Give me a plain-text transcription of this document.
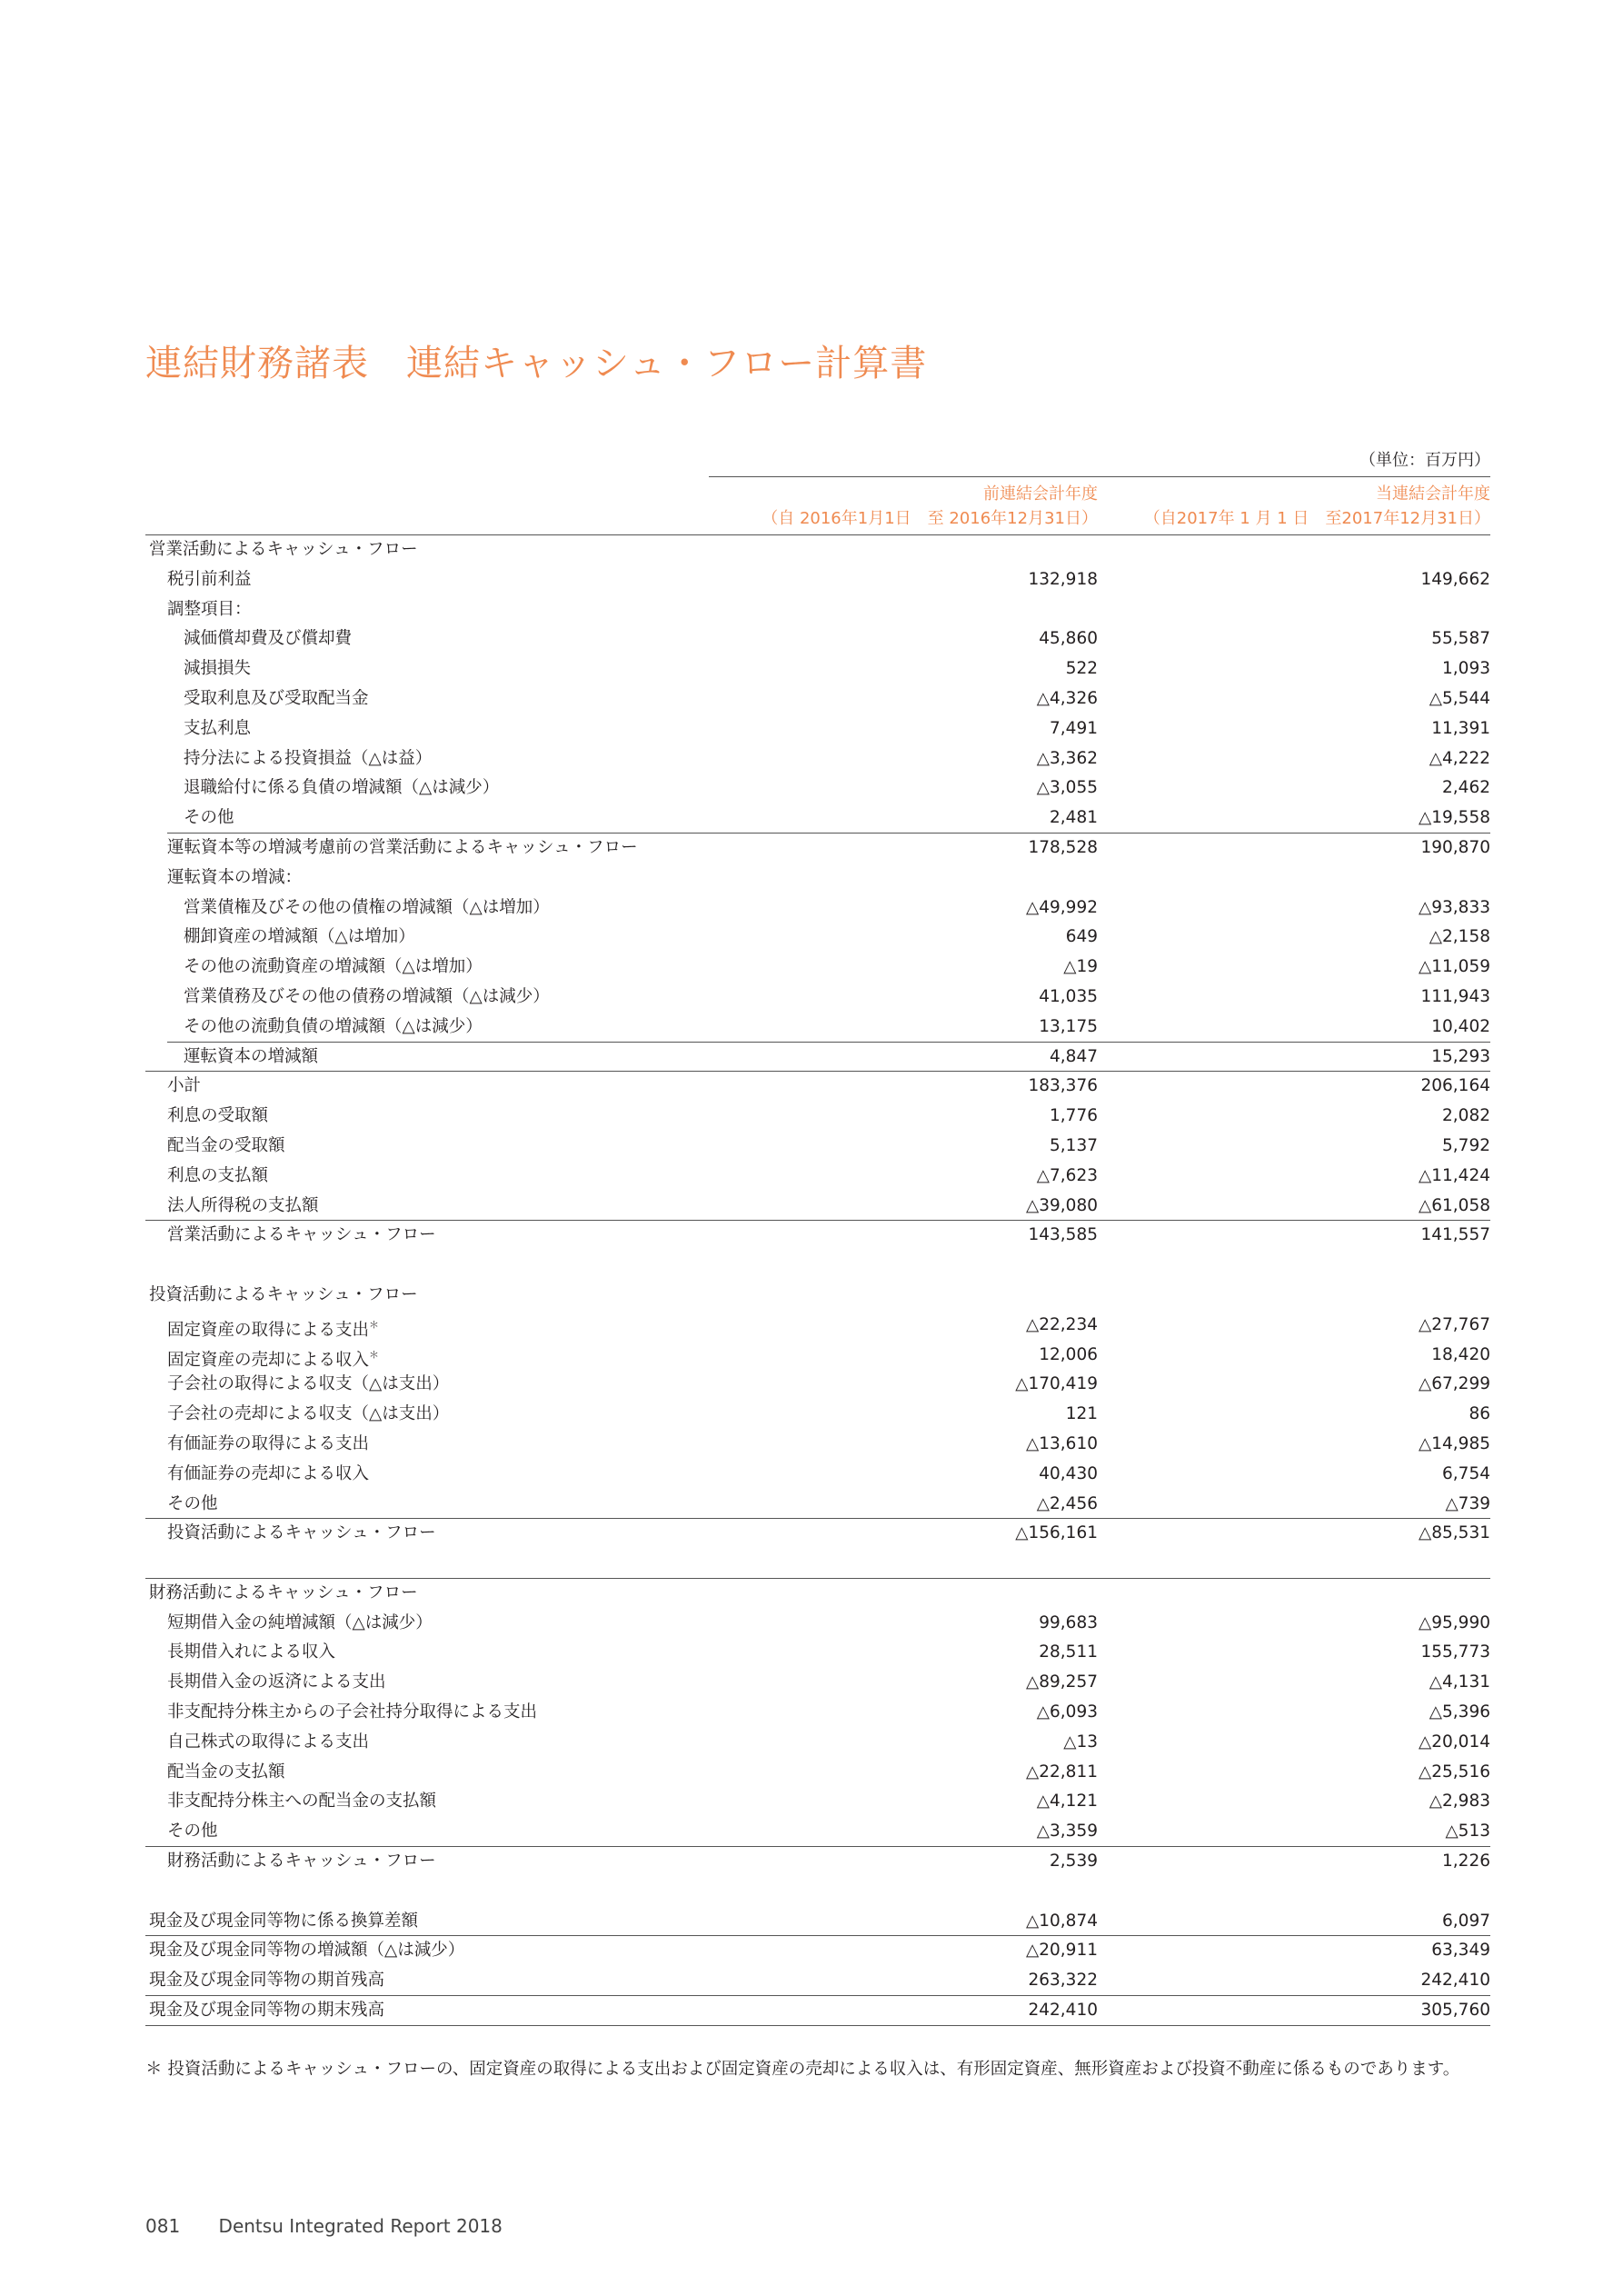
連結財務諸表　連結キャッシュ・フロー計算書
（単位：百万円）
前連結会計年度
（自 2016年1月1日　至 2016年12月31日）
当連結会計年度
（自2017年 1 月 1 日　至2017年12月31日）
営業活動によるキャッシュ・フロー
税引前利益	132,918	149,662
調整項目：
減価償却費及び償却費	45,860	55,587
減損損失	522	1,093
受取利息及び受取配当金	△4,326	△5,544
支払利息	7,491	11,391
持分法による投資損益（△は益）	△3,362	△4,222
退職給付に係る負債の増減額（△は減少）	△3,055	2,462
その他	2,481	△19,558
運転資本等の増減考慮前の営業活動によるキャッシュ・フロー	178,528	190,870
運転資本の増減：
営業債権及びその他の債権の増減額（△は増加）	△49,992	△93,833
棚卸資産の増減額（△は増加）	649	△2,158
その他の流動資産の増減額（△は増加）	△19	△11,059
営業債務及びその他の債務の増減額（△は減少）	41,035	111,943
その他の流動負債の増減額（△は減少）	13,175	10,402
運転資本の増減額	4,847	15,293
小計	183,376	206,164
利息の受取額	1,776	2,082
配当金の受取額	5,137	5,792
利息の支払額	△7,623	△11,424
法人所得税の支払額	△39,080	△61,058
営業活動によるキャッシュ・フロー	143,585	141,557
投資活動によるキャッシュ・フロー
固定資産の取得による支出＊	△22,234	△27,767
固定資産の売却による収入＊	12,006	18,420
子会社の取得による収支（△は支出）	△170,419	△67,299
子会社の売却による収支（△は支出）	121	86
有価証券の取得による支出	△13,610	△14,985
有価証券の売却による収入	40,430	6,754
その他	△2,456	△739
投資活動によるキャッシュ・フロー	△156,161	△85,531
財務活動によるキャッシュ・フロー
短期借入金の純増減額（△は減少）	99,683	△95,990
長期借入れによる収入	28,511	155,773
長期借入金の返済による支出	△89,257	△4,131
非支配持分株主からの子会社持分取得による支出	△6,093	△5,396
自己株式の取得による支出	△13	△20,014
配当金の支払額	△22,811	△25,516
非支配持分株主への配当金の支払額	△4,121	△2,983
その他	△3,359	△513
財務活動によるキャッシュ・フロー	2,539	1,226
現金及び現金同等物に係る換算差額	△10,874	6,097
現金及び現金同等物の増減額（△は減少）	△20,911	63,349
現金及び現金同等物の期首残高	263,322	242,410
現金及び現金同等物の期末残高	242,410	305,760
＊ 投資活動によるキャッシュ・フローの、固定資産の取得による支出および固定資産の売却による収入は、有形固定資産、無形資産および投資不動産に係るものであります。
081 Dentsu Integrated Report 2018
